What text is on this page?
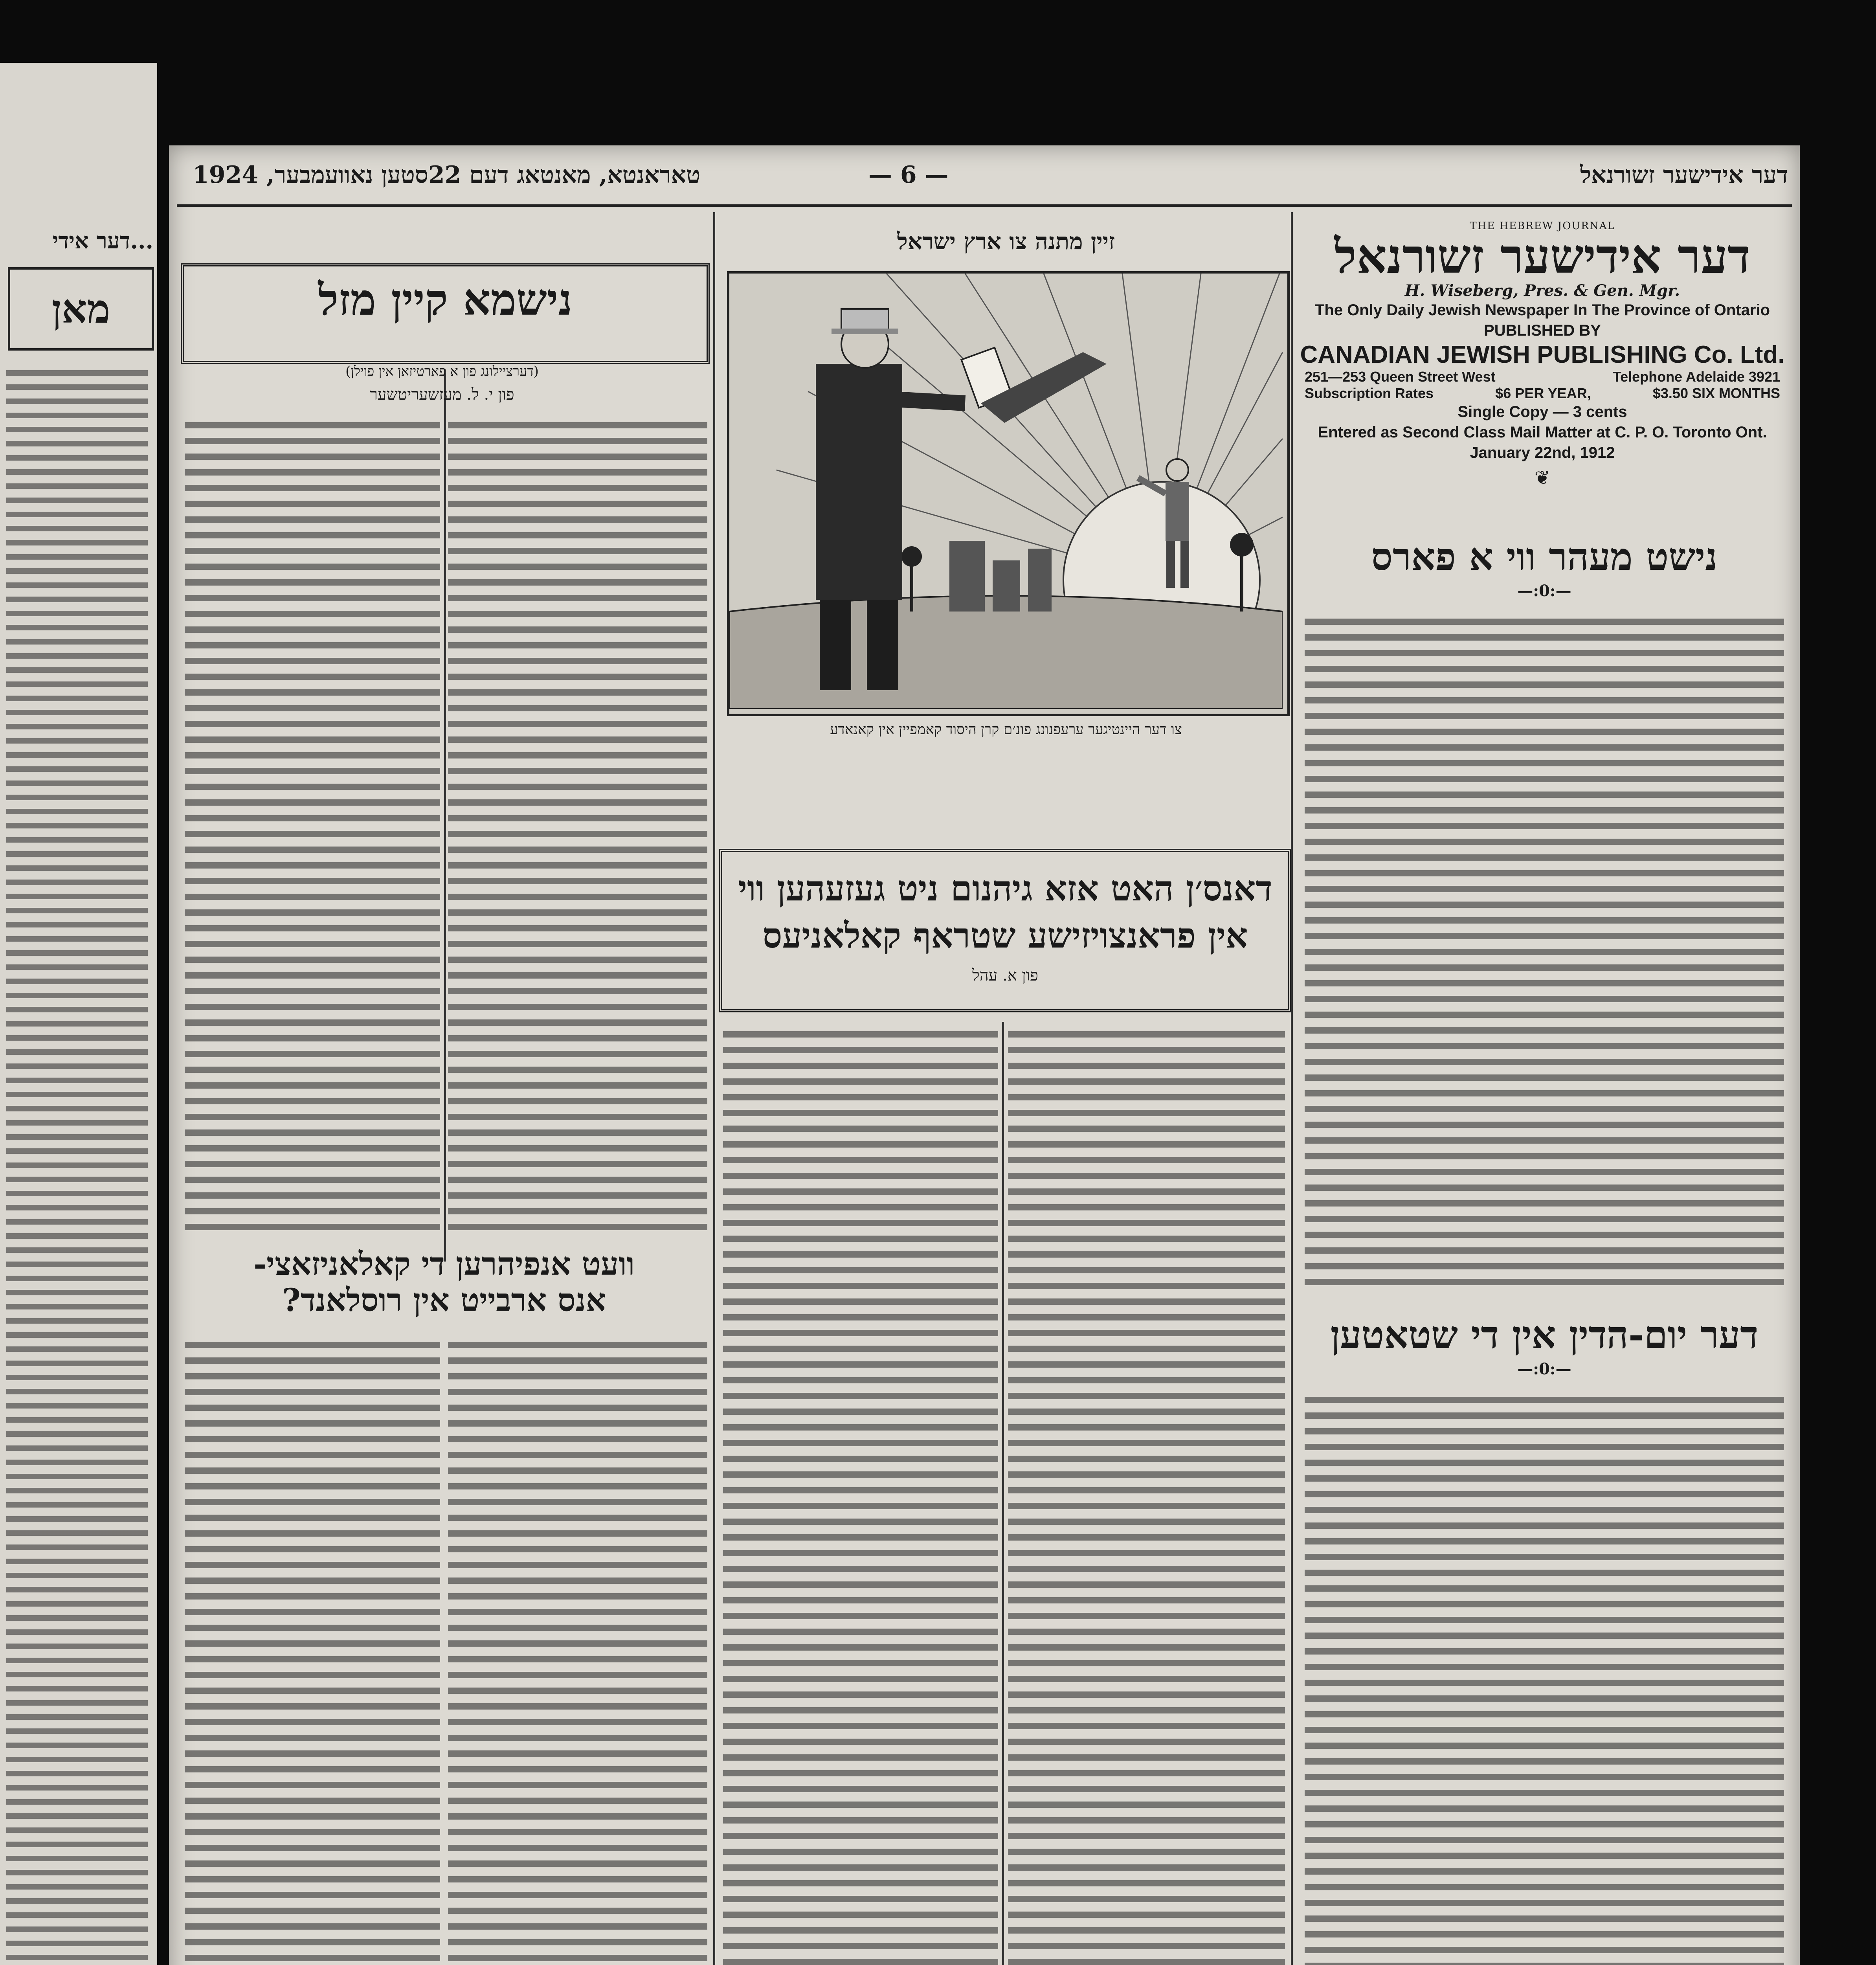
...דער אידי
מאן
טאראנטא, מאנטאג דעם 22סטען נאוועמבער, 1924	— 6 —	דער אידישער זשורנאל
נישמא קיין מזל
(דערציילונג פון א פארטיזאן אין פוילן)
פון י. ל. מעזשעריטשער
וועט אנפיהרען די קאלאניזאצי-
אנס ארבייט אין רוסלאנד?
זיין מתנה צו ארץ ישראל
צו דער היינטיגער ערעפנונג פונ׳ם קרן היסוד קאמפיין אין קאנאדע
דאנס׳ן האט אזא גיהנום ניט געזעהען ווי
אין פראנצויזישע שטראף קאלאניעס
פון א. עהל
THE HEBREW JOURNAL
דער אידישער זשורנאל
H. Wiseberg, Pres. & Gen. Mgr.
The Only Daily Jewish Newspaper In The Province of Ontario
PUBLISHED BY
CANADIAN JEWISH PUBLISHING Co. Ltd.
251—253 Queen Street West	Telephone Adelaide 3921
Subscription Rates	$6 PER YEAR,	$3.50 SIX MONTHS
Single Copy — 3 cents
Entered as Second Class Mail Matter at C. P. O. Toronto Ont.
January 22nd, 1912
❦
נישט מעהר ווי א פארס
—:0:—
דער יום-הדין אין די שטאטען
—:0:—
